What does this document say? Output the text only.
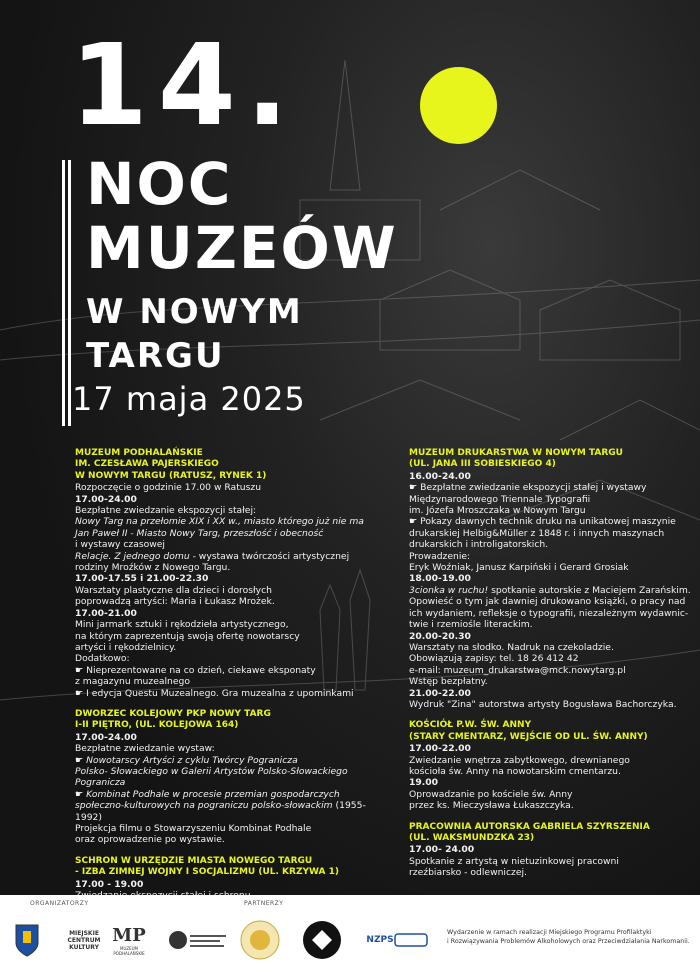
14.
NOC
MUZEÓW
W NOWYM
TARGU
17 maja 2025
MUZEUM PODHALAŃSKIE
IM. CZESŁAWA PAJERSKIEGO
W NOWYM TARGU (RATUSZ, RYNEK 1)
Rozpoczęcie o godzinie 17.00 w Ratuszu
17.00-24.00
Bezpłatne zwiedzanie ekspozycji stałej:
Nowy Targ na przełomie XIX i XX w., miasto którego już nie ma
Jan Paweł II - Miasto Nowy Targ, przeszłość i obecność
i wystawy czasowej
Relacje. Z jednego domu - wystawa twórczości artystycznej
rodziny Mroźków z Nowego Targu.
17.00-17.55 i 21.00-22.30
Warsztaty plastyczne dla dzieci i dorosłych
poprowadzą artyści: Maria i Łukasz Mrożek.
17.00-21.00
Mini jarmark sztuki i rękodzieła artystycznego,
na którym zaprezentują swoją ofertę nowotarscy
artyści i rękodzielnicy.
Dodatkowo:
☛ Nieprezentowane na co dzień, ciekawe eksponaty
z magazynu muzealnego
☛ I edycja Questu Muzealnego. Gra muzealna z upominkami
DWORZEC KOLEJOWY PKP NOWY TARG
I-II PIĘTRO, (UL. KOLEJOWA 164)
17.00-24.00
Bezpłatne zwiedzanie wystaw:
☛ Nowotarscy Artyści z cyklu Twórcy Pogranicza
Polsko- Słowackiego w Galerii Artystów Polsko-Słowackiego Pogranicza
☛ Kombinat Podhale w procesie przemian gospodarczych
społeczno-kulturowych na pograniczu polsko-słowackim (1955-1992)
Projekcja filmu o Stowarzyszeniu Kombinat Podhale
oraz oprowadzenie po wystawie.
SCHRON W URZĘDZIE MIASTA NOWEGO TARGU
- IZBA ZIMNEJ WOJNY I SOCJALIZMU (UL. KRZYWA 1)
17.00 - 19.00
MUZEUM DRUKARSTWA W NOWYM TARGU
(UL. JANA III SOBIESKIEGO 4)
16.00-24.00
☛ Bezpłatne zwiedzanie ekspozycji stałej i wystawy
Międzynarodowego Triennale Typografii
im. Józefa Mroszczaka w Nowym Targu
☛ Pokazy dawnych technik druku na unikatowej maszynie
drukarskiej Helbig&Müller z 1848 r. i innych maszynach
drukarskich i introligatorskich.
Prowadzenie:
Eryk Woźniak, Janusz Karpiński i Gerard Grosiak
18.00-19.00
3cionka w ruchu! spotkanie autorskie z Maciejem Zarańskim.
Opowieść o tym jak dawniej drukowano książki, o pracy nad
ich wydaniem, refleksje o typografii, niezależnym wydawnic-
twie i rzemiośle literackim.
20.00-20.30
Warsztaty na słodko. Nadruk na czekoladzie.
Obowiązują zapisy: tel. 18 26 412 42
e-mail: muzeum_drukarstwa@mck.nowytarg.pl
Wstęp bezpłatny.
21.00-22.00
Wydruk "Zina" autorstwa artysty Bogusława Bachorczyka.
KOŚCIÓŁ P.W. ŚW. ANNY
(STARY CMENTARZ, WEJŚCIE OD UL. ŚW. ANNY)
17.00-22.00
Zwiedzanie wnętrza zabytkowego, drewnianego
kościoła św. Anny na nowotarskim cmentarzu.
19.00
Oprowadzanie po kościele św. Anny
przez ks. Mieczysława Łukaszczyka.
PRACOWNIA AUTORSKA GABRIELA SZYRSZENIA
(UL. WAKSMUNDZKA 23)
17.00- 24.00
Spotkanie z artystą w nietuzinkowej pracowni
rzeźbiarsko - odlewniczej.
ORGANIZATORZY	PARTNERZY
MIEJSKIE CENTRUM KULTURY
MP
MUZEUM PODHALAŃSKIE
NZPS
Wydarzenie w ramach realizacji Miejskiego Programu Profilaktyki
i Rozwiązywania Problemów Alkoholowych oraz Przeciwdziałania Narkomanii.
